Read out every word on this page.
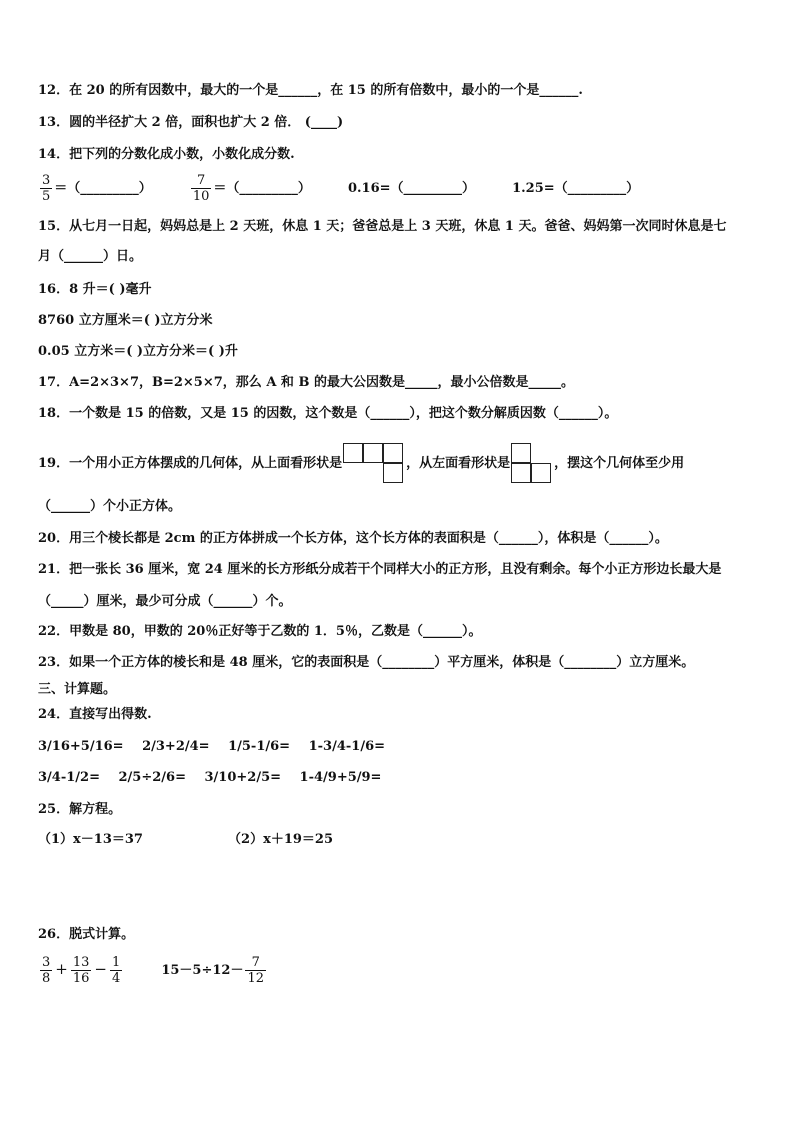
12．在 20 的所有因数中，最大的一个是______，在 15 的所有倍数中，最小的一个是______.
13．圆的半径扩大 2 倍，面积也扩大 2 倍． (____)
14．把下列的分数化成小数，小数化成分数.
$\frac{3}{5}$ ＝（_________）	$\frac{7}{10}$ ＝（_________）	0.16=（_________）	1.25=（_________）
15．从七月一日起，妈妈总是上 2 天班，休息 1 天；爸爸总是上 3 天班，休息 1 天。爸爸、妈妈第一次同时休息是七
月（______）日。
16．8 升＝( )毫升
8760 立方厘米＝( )立方分米
0.05 立方米＝( )立方分米＝( )升
17．A=2×3×7，B=2×5×7，那么 A 和 B 的最大公因数是_____，最小公倍数是_____。
18．一个数是 15 的倍数，又是 15 的因数，这个数是（______），把这个数分解质因数（______）。
19．一个用小正方体摆成的几何体，从上面看形状是	，从左面看形状是	，摆这个几何体至少用
（______）个小正方体。
20．用三个棱长都是 2cm 的正方体拼成一个长方体，这个长方体的表面积是（______），体积是（______）。
21．把一张长 36 厘米，宽 24 厘米的长方形纸分成若干个同样大小的正方形，且没有剩余。每个小正方形边长最大是
（_____）厘米，最少可分成（______）个。
22．甲数是 80，甲数的 20％正好等于乙数的 1．5％，乙数是（______）。
23．如果一个正方体的棱长和是 48 厘米，它的表面积是（________）平方厘米，体积是（________）立方厘米。
三、计算题。
24．直接写出得数.
3/16+5/16= 2/3+2/4= 1/5-1/6= 1-3/4-1/6=
3/4-1/2= 2/5÷2/6= 3/10+2/5= 1-4/9+5/9=
25．解方程。
（1）x－13＝37	（2）x＋19＝25
26．脱式计算。
$\frac{3}{8} + \frac{13}{16} - \frac{1}{4}$	$15-5\div 12- \frac{7}{12}$
